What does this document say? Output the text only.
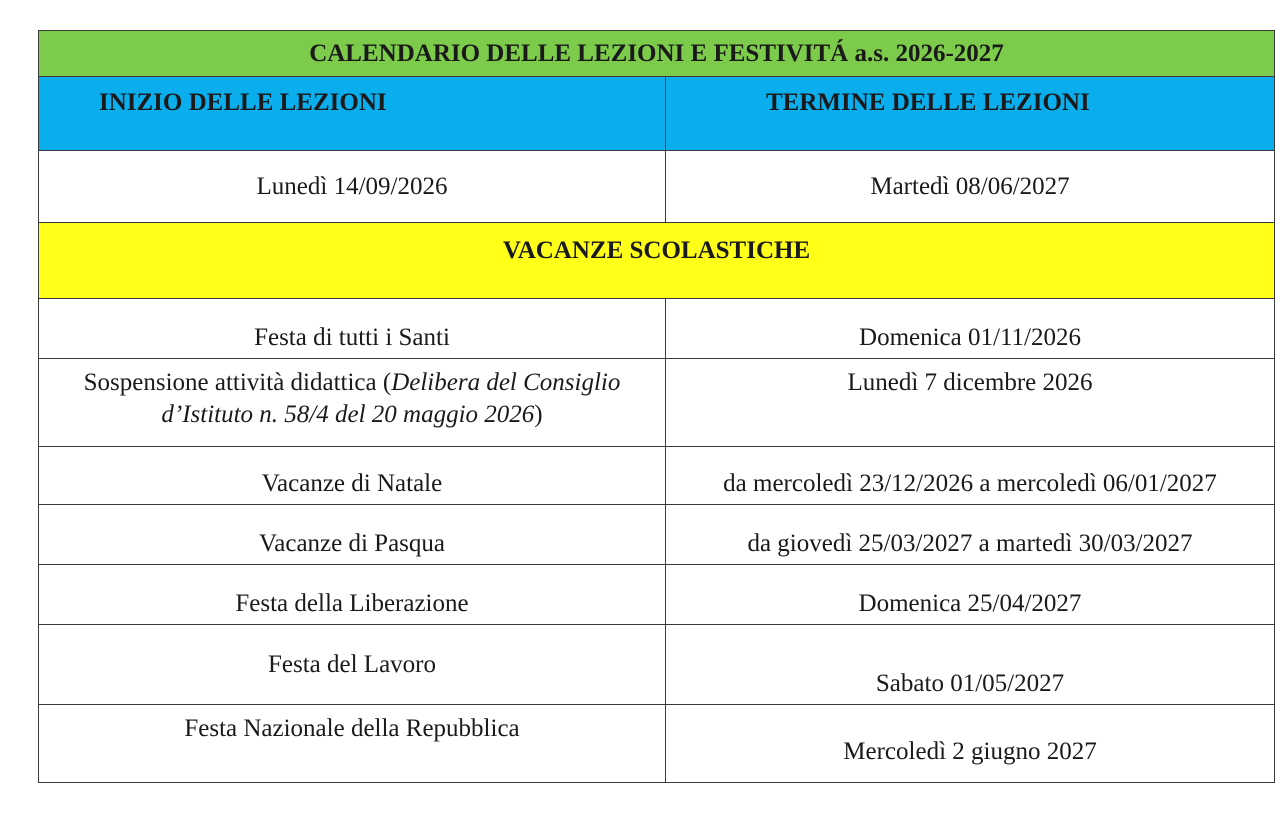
CALENDARIO DELLE LEZIONI E FESTIVITÁ a.s. 2026-2027	
INIZIO DELLE LEZIONI	TERMINE DELLE LEZIONI
Lunedì 14/09/2026	Martedì 08/06/2027
VACANZE SCOLASTICHE	
Festa di tutti i Santi	Domenica 01/11/2026
Sospensione attività didattica (Delibera del Consiglio d’Istituto n. 58/4 del 20 maggio 2026)	Lunedì 7 dicembre 2026
Vacanze di Natale	da mercoledì 23/12/2026 a mercoledì 06/01/2027
Vacanze di Pasqua	da giovedì 25/03/2027 a martedì 30/03/2027
Festa della Liberazione	Domenica 25/04/2027
Festa del Lavoro	Sabato 01/05/2027
Festa Nazionale della Repubblica	Mercoledì 2 giugno 2027
